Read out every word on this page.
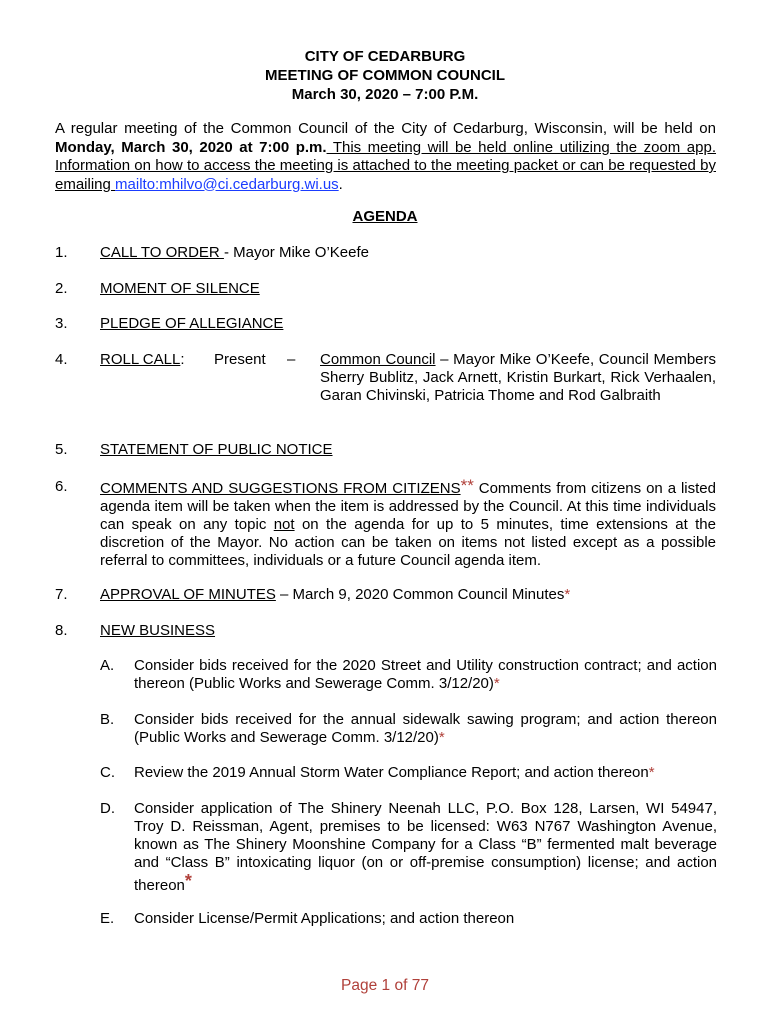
CITY OF CEDARBURG
MEETING OF COMMON COUNCIL
March 30, 2020 – 7:00 P.M.
A regular meeting of the Common Council of the City of Cedarburg, Wisconsin, will be held on Monday, March 30, 2020 at 7:00 p.m. This meeting will be held online utilizing the zoom app. Information on how to access the meeting is attached to the meeting packet or can be requested by emailing mailto:mhilvo@ci.cedarburg.wi.us.
AGENDA
1. CALL TO ORDER - Mayor Mike O’Keefe
2. MOMENT OF SILENCE
3. PLEDGE OF ALLEGIANCE
4. ROLL CALL: Present – Common Council – Mayor Mike O’Keefe, Council Members Sherry Bublitz, Jack Arnett, Kristin Burkart, Rick Verhaalen, Garan Chivinski, Patricia Thome and Rod Galbraith
5. STATEMENT OF PUBLIC NOTICE
6. COMMENTS AND SUGGESTIONS FROM CITIZENS** Comments from citizens on a listed agenda item will be taken when the item is addressed by the Council. At this time individuals can speak on any topic not on the agenda for up to 5 minutes, time extensions at the discretion of the Mayor. No action can be taken on items not listed except as a possible referral to committees, individuals or a future Council agenda item.
7. APPROVAL OF MINUTES – March 9, 2020 Common Council Minutes*
8. NEW BUSINESS
A. Consider bids received for the 2020 Street and Utility construction contract; and action thereon (Public Works and Sewerage Comm. 3/12/20)*
B. Consider bids received for the annual sidewalk sawing program; and action thereon (Public Works and Sewerage Comm. 3/12/20)*
C. Review the 2019 Annual Storm Water Compliance Report; and action thereon*
D. Consider application of The Shinery Neenah LLC, P.O. Box 128, Larsen, WI 54947, Troy D. Reissman, Agent, premises to be licensed: W63 N767 Washington Avenue, known as The Shinery Moonshine Company for a Class “B” fermented malt beverage and “Class B” intoxicating liquor (on or off-premise consumption) license; and action thereon*
E. Consider License/Permit Applications; and action thereon
Page 1 of 77
